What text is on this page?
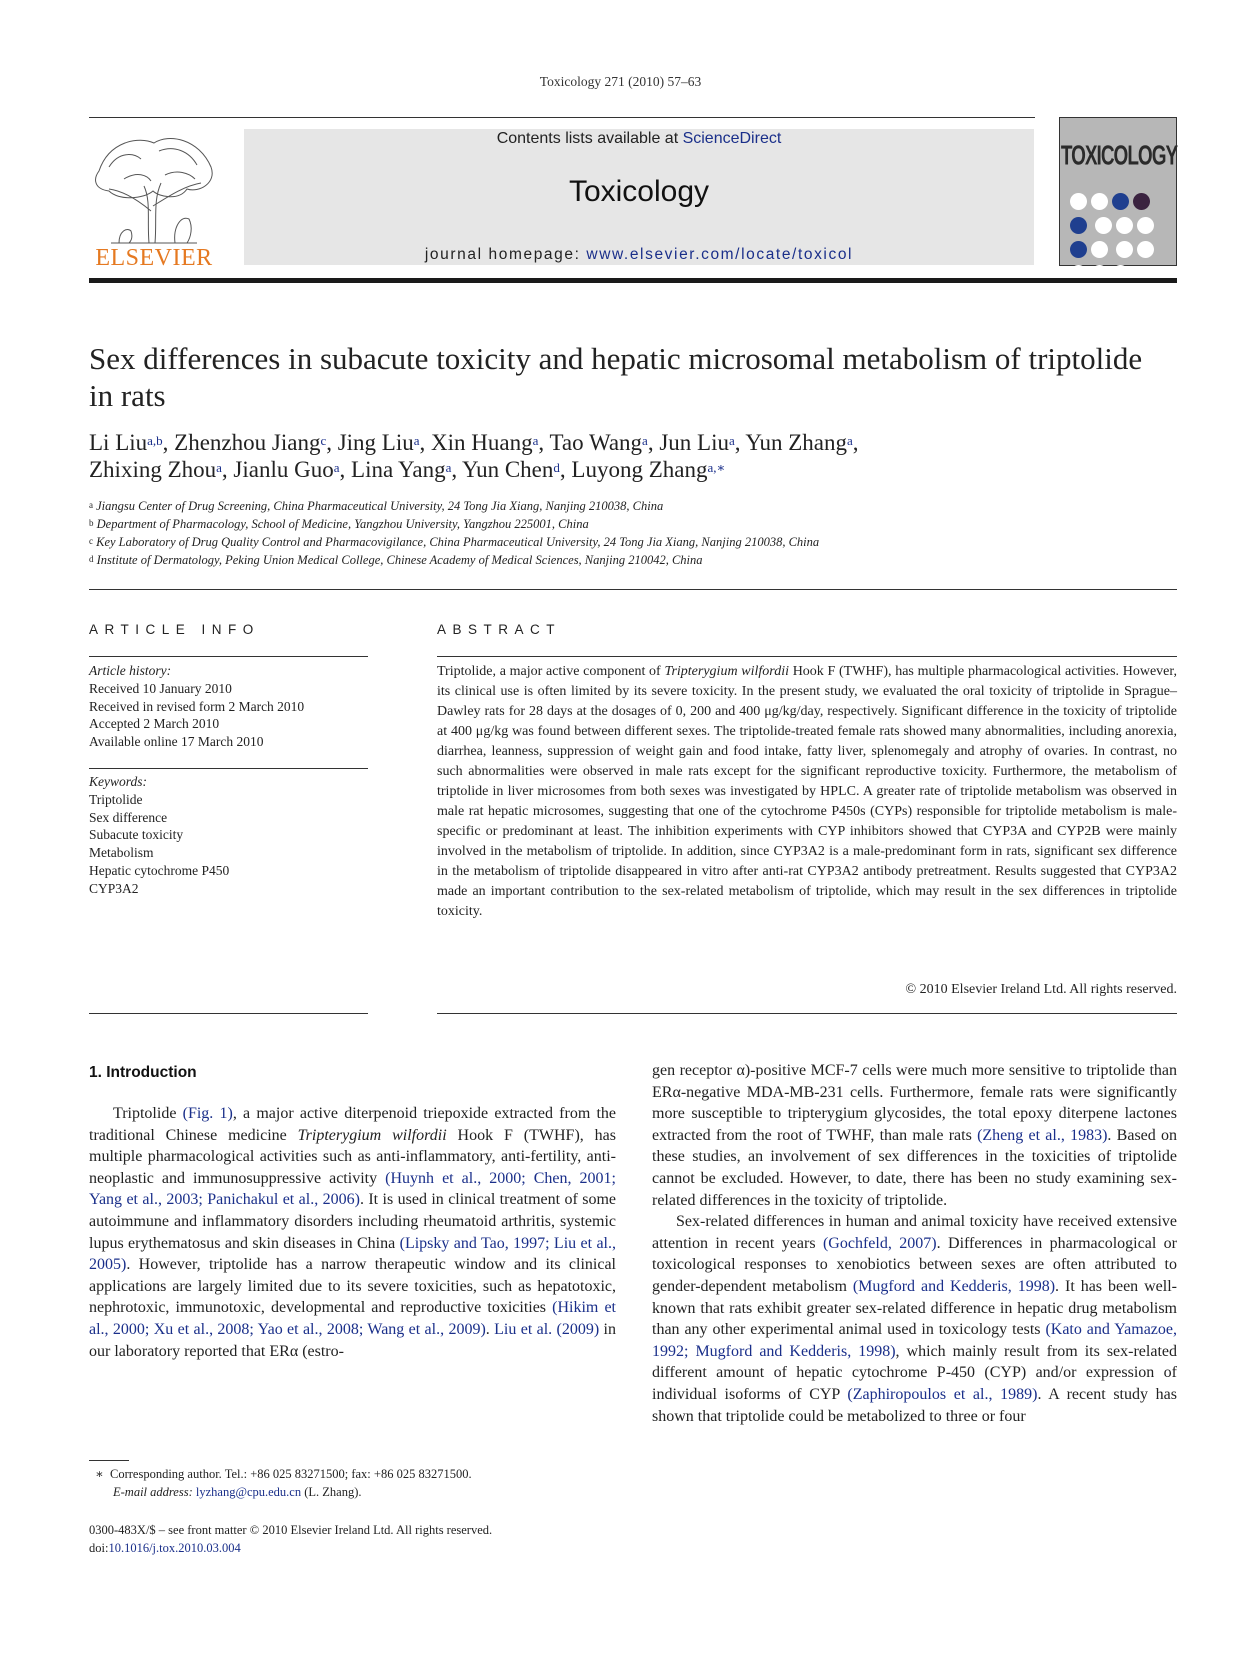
Toxicology 271 (2010) 57–63
ELSEVIER
Contents lists available at ScienceDirect
Toxicology
journal homepage: www.elsevier.com/locate/toxicol
TOXICOLOGY

Sex differences in subacute toxicity and hepatic microsomal metabolism of triptolide in rats
Li Liu$^{a,b}$, Zhenzhou Jiang$^c$, Jing Liu$^a$, Xin Huang$^a$, Tao Wang$^a$, Jun Liu$^a$, Yun Zhang$^a$,
Zhixing Zhou$^a$, Jianlu Guo$^a$, Lina Yang$^a$, Yun Chen$^d$, Luyong Zhang$^{a,∗}$
$^a$ Jiangsu Center of Drug Screening, China Pharmaceutical University, 24 Tong Jia Xiang, Nanjing 210038, China
$^b$ Department of Pharmacology, School of Medicine, Yangzhou University, Yangzhou 225001, China
$^c$ Key Laboratory of Drug Quality Control and Pharmacovigilance, China Pharmaceutical University, 24 Tong Jia Xiang, Nanjing 210038, China
$^d$ Institute of Dermatology, Peking Union Medical College, Chinese Academy of Medical Sciences, Nanjing 210042, China
ARTICLE INFO
Article history:
Received 10 January 2010
Received in revised form 2 March 2010
Accepted 2 March 2010
Available online 17 March 2010
Keywords:
Triptolide
Sex difference
Subacute toxicity
Metabolism
Hepatic cytochrome P450
CYP3A2
ABSTRACT
Triptolide, a major active component of Tripterygium wilfordii Hook F (TWHF), has multiple pharmacological activities. However, its clinical use is often limited by its severe toxicity. In the present study, we evaluated the oral toxicity of triptolide in Sprague–Dawley rats for 28 days at the dosages of 0, 200 and 400 μg/kg/day, respectively. Significant difference in the toxicity of triptolide at 400 μg/kg was found between different sexes. The triptolide-treated female rats showed many abnormalities, including anorexia, diarrhea, leanness, suppression of weight gain and food intake, fatty liver, splenomegaly and atrophy of ovaries. In contrast, no such abnormalities were observed in male rats except for the significant reproductive toxicity. Furthermore, the metabolism of triptolide in liver microsomes from both sexes was investigated by HPLC. A greater rate of triptolide metabolism was observed in male rat hepatic microsomes, suggesting that one of the cytochrome P450s (CYPs) responsible for triptolide metabolism is male-specific or predominant at least. The inhibition experiments with CYP inhibitors showed that CYP3A and CYP2B were mainly involved in the metabolism of triptolide. In addition, since CYP3A2 is a male-predominant form in rats, significant sex difference in the metabolism of triptolide disappeared in vitro after anti-rat CYP3A2 antibody pretreatment. Results suggested that CYP3A2 made an important contribution to the sex-related metabolism of triptolide, which may result in the sex differences in triptolide toxicity.
© 2010 Elsevier Ireland Ltd. All rights reserved.
1. Introduction

Triptolide (Fig. 1), a major active diterpenoid triepoxide extracted from the traditional Chinese medicine Tripterygium wilfordii Hook F (TWHF), has multiple pharmacological activities such as anti-inflammatory, anti-fertility, anti-neoplastic and immunosuppressive activity (Huynh et al., 2000; Chen, 2001; Yang et al., 2003; Panichakul et al., 2006). It is used in clinical treatment of some autoimmune and inflammatory disorders including rheumatoid arthritis, systemic lupus erythematosus and skin diseases in China (Lipsky and Tao, 1997; Liu et al., 2005). However, triptolide has a narrow therapeutic window and its clinical applications are largely limited due to its severe toxicities, such as hepatotoxic, nephrotoxic, immunotoxic, developmental and reproductive toxicities (Hikim et al., 2000; Xu et al., 2008; Yao et al., 2008; Wang et al., 2009). Liu et al. (2009) in our laboratory reported that ERα (estro-

gen receptor α)-positive MCF-7 cells were much more sensitive to triptolide than ERα-negative MDA-MB-231 cells. Furthermore, female rats were significantly more susceptible to tripterygium glycosides, the total epoxy diterpene lactones extracted from the root of TWHF, than male rats (Zheng et al., 1983). Based on these studies, an involvement of sex differences in the toxicities of triptolide cannot be excluded. However, to date, there has been no study examining sex-related differences in the toxicity of triptolide.

Sex-related differences in human and animal toxicity have received extensive attention in recent years (Gochfeld, 2007). Differences in pharmacological or toxicological responses to xenobiotics between sexes are often attributed to gender-dependent metabolism (Mugford and Kedderis, 1998). It has been well-known that rats exhibit greater sex-related difference in hepatic drug metabolism than any other experimental animal used in toxicology tests (Kato and Yamazoe, 1992; Mugford and Kedderis, 1998), which mainly result from its sex-related different amount of hepatic cytochrome P-450 (CYP) and/or expression of individual isoforms of CYP (Zaphiropoulos et al., 1989). A recent study has shown that triptolide could be metabolized to three or four

∗ Corresponding author. Tel.: +86 025 83271500; fax: +86 025 83271500.
E-mail address: lyzhang@cpu.edu.cn (L. Zhang).
0300-483X/$ – see front matter © 2010 Elsevier Ireland Ltd. All rights reserved.
doi:10.1016/j.tox.2010.03.004
